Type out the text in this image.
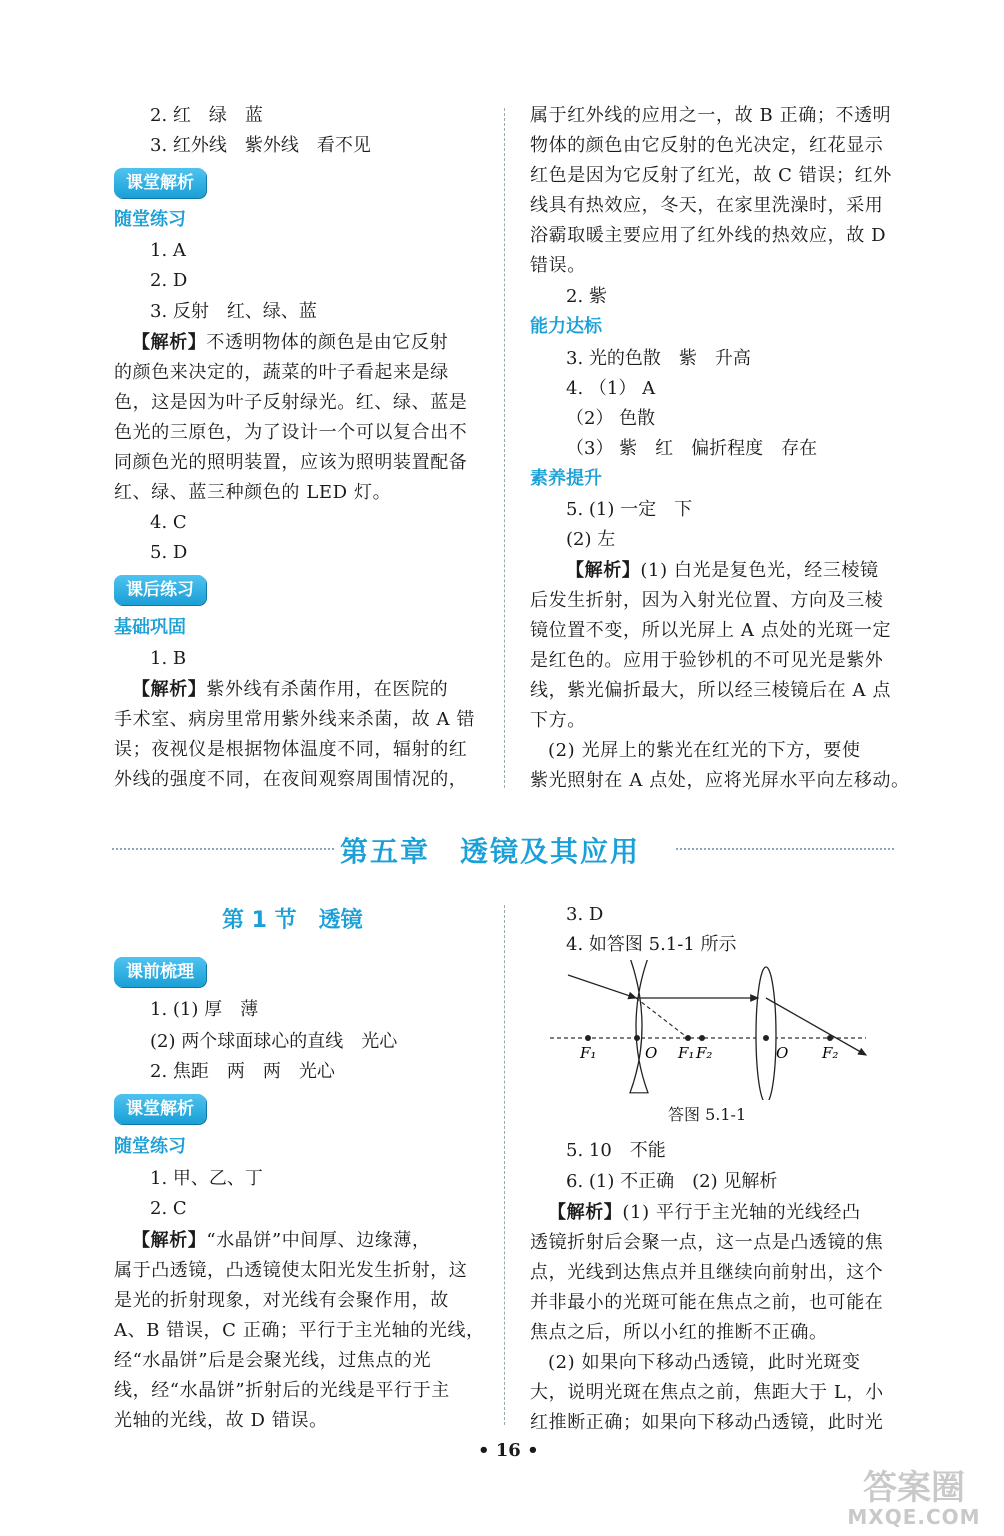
2. 红　绿　蓝
3. 红外线　紫外线　看不见
课堂解析
随堂练习
1. A
2. D
3. 反射　红、绿、蓝
【解析】不透明物体的颜色是由它反射
的颜色来决定的，蔬菜的叶子看起来是绿
色，这是因为叶子反射绿光。红、绿、蓝是
色光的三原色，为了设计一个可以复合出不
同颜色光的照明装置，应该为照明装置配备
红、绿、蓝三种颜色的 LED 灯。
4. C
5. D
课后练习
基础巩固
1. B
【解析】紫外线有杀菌作用，在医院的
手术室、病房里常用紫外线来杀菌，故 A 错
误；夜视仪是根据物体温度不同，辐射的红
外线的强度不同，在夜间观察周围情况的，
属于红外线的应用之一，故 B 正确；不透明
物体的颜色由它反射的色光决定，红花显示
红色是因为它反射了红光，故 C 错误；红外
线具有热效应，冬天，在家里洗澡时，采用
浴霸取暖主要应用了红外线的热效应，故 D
错误。
2. 紫
能力达标
3. 光的色散　紫　升高
4. （1） A
（2） 色散
（3） 紫　红　偏折程度　存在
素养提升
5. (1) 一定　下
(2) 左
【解析】(1) 白光是复色光，经三棱镜
后发生折射，因为入射光位置、方向及三棱
镜位置不变，所以光屏上 A 点处的光斑一定
是红色的。应用于验钞机的不可见光是紫外
线，紫光偏折最大，所以经三棱镜后在 A 点
下方。
(2) 光屏上的紫光在红光的下方，要使
紫光照射在 A 点处，应将光屏水平向左移动。
第五章　透镜及其应用
第 1 节　透镜
课前梳理
1. (1) 厚　薄
(2) 两个球面球心的直线　光心
2. 焦距　两　两　光心
课堂解析
随堂练习
1. 甲、乙、丁
2. C
【解析】“水晶饼”中间厚、边缘薄，
属于凸透镜，凸透镜使太阳光发生折射，这
是光的折射现象，对光线有会聚作用，故
A、B 错误，C 正确；平行于主光轴的光线，
经“水晶饼”后是会聚光线，过焦点的光
线，经“水晶饼”折射后的光线是平行于主
光轴的光线，故 D 错误。
3. D
4. 如答图 5.1-1 所示
F₁	O F₁ F₂	O F₂
答图 5.1-1
5. 10　不能
6. (1) 不正确　(2) 见解析
【解析】(1) 平行于主光轴的光线经凸
透镜折射后会聚一点，这一点是凸透镜的焦
点，光线到达焦点并且继续向前射出，这个
并非最小的光斑可能在焦点之前，也可能在
焦点之后，所以小红的推断不正确。
(2) 如果向下移动凸透镜，此时光斑变
大，说明光斑在焦点之前，焦距大于 L，小
红推断正确；如果向下移动凸透镜，此时光
• 16 •
答案圈
MXQE.COM
